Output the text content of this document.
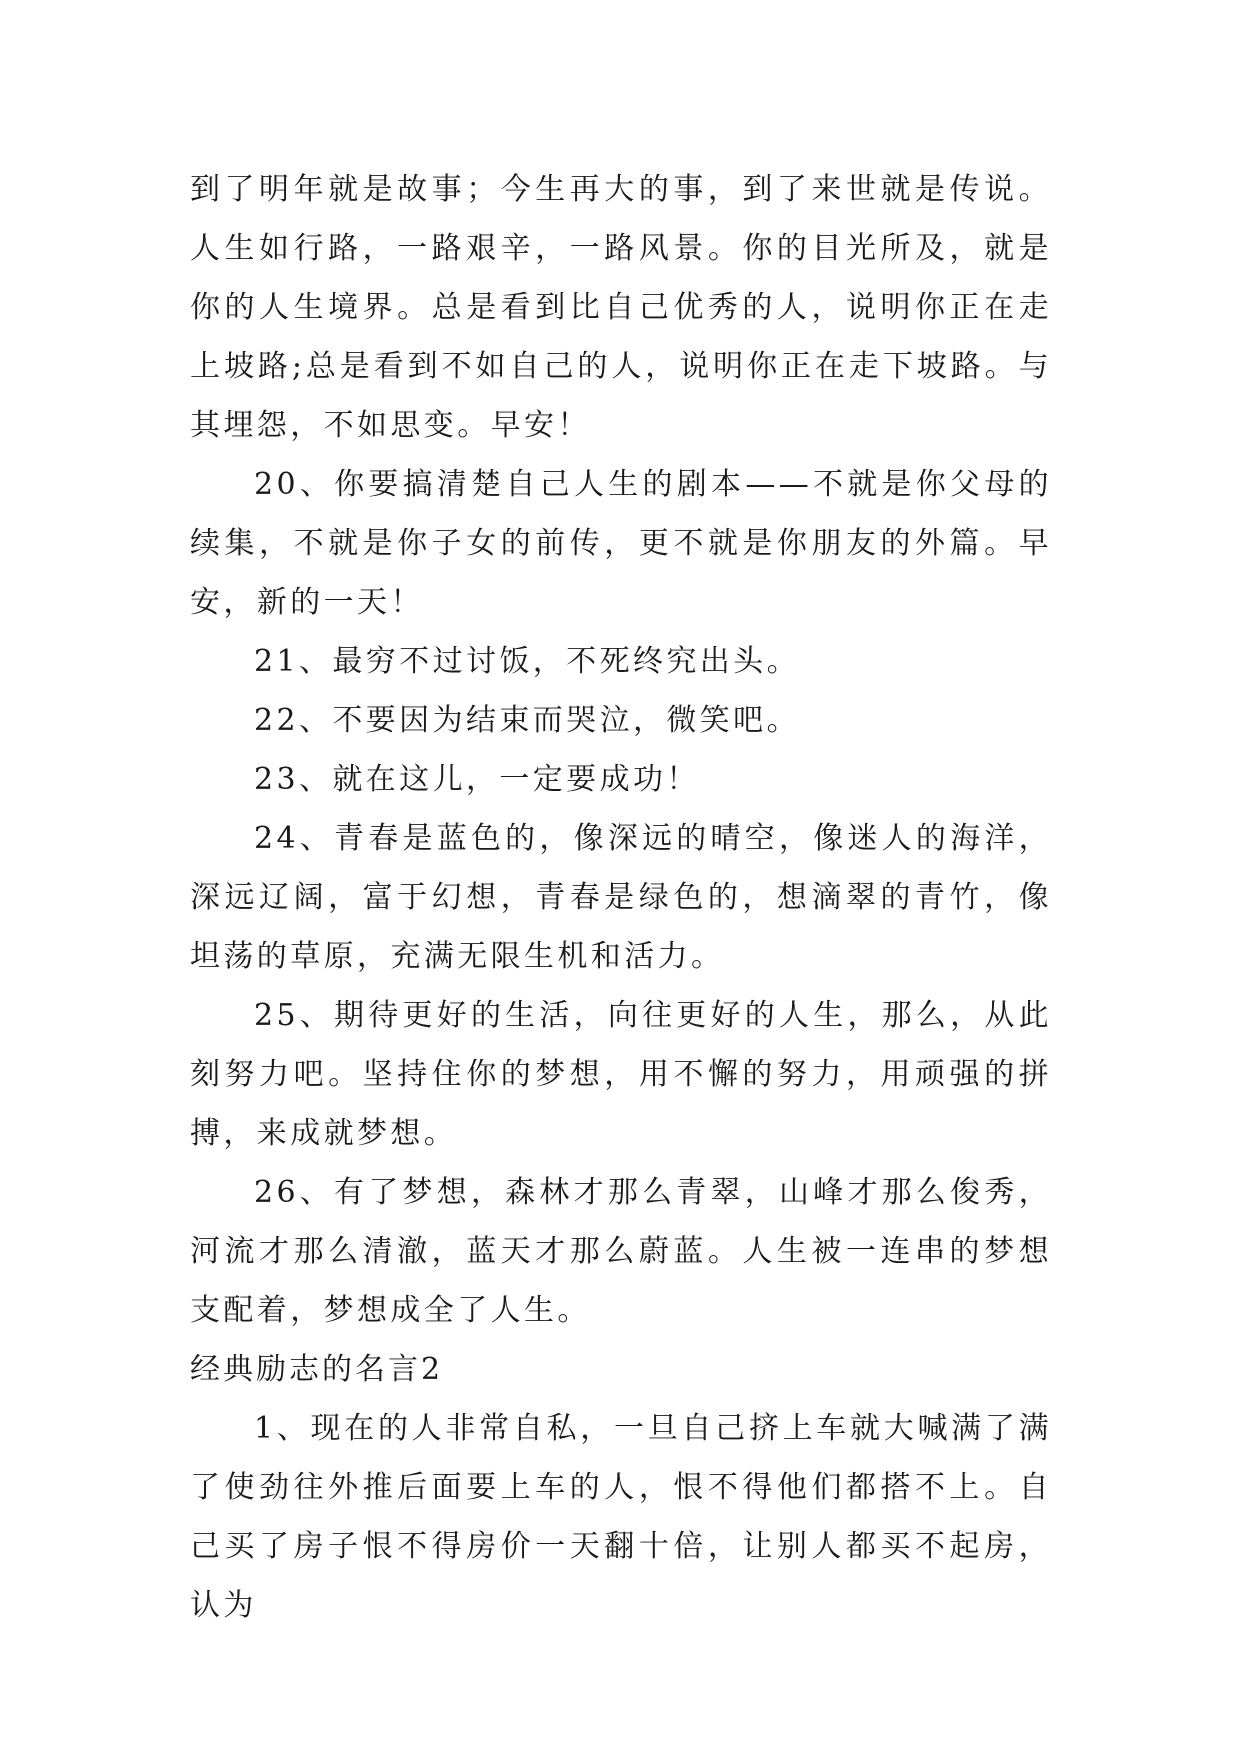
到了明年就是故事；今生再大的事，到了来世就是传说。人生如行路，一路艰辛，一路风景。你的目光所及，就是你的人生境界。总是看到比自己优秀的人，说明你正在走上坡路;总是看到不如自己的人，说明你正在走下坡路。与其埋怨，不如思变。早安！

20、你要搞清楚自己人生的剧本——不就是你父母的续集，不就是你子女的前传，更不就是你朋友的外篇。早安，新的一天！

21、最穷不过讨饭，不死终究出头。

22、不要因为结束而哭泣，微笑吧。

23、就在这儿，一定要成功！

24、青春是蓝色的，像深远的晴空，像迷人的海洋，深远辽阔，富于幻想，青春是绿色的，想滴翠的青竹，像坦荡的草原，充满无限生机和活力。

25、期待更好的生活，向往更好的人生，那么，从此刻努力吧。坚持住你的梦想，用不懈的努力，用顽强的拼搏，来成就梦想。

26、有了梦想，森林才那么青翠，山峰才那么俊秀，河流才那么清澈，蓝天才那么蔚蓝。人生被一连串的梦想支配着，梦想成全了人生。

经典励志的名言2

1、现在的人非常自私，一旦自己挤上车就大喊满了满了使劲往外推后面要上车的人，恨不得他们都搭不上。自己买了房子恨不得房价一天翻十倍，让别人都买不起房，认为
